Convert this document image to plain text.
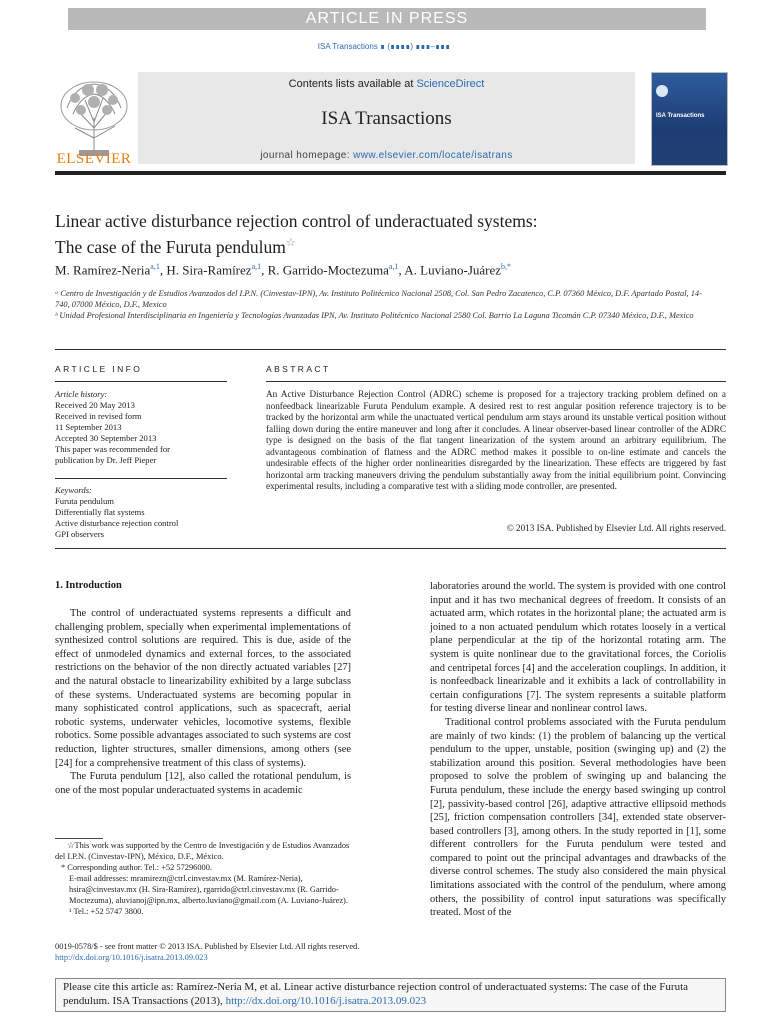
ARTICLE IN PRESS
ISA Transactions ∎ (∎∎∎∎) ∎∎∎–∎∎∎
ELSEVIER
Contents lists available at ScienceDirect
ISA Transactions
journal homepage: www.elsevier.com/locate/isatrans
ISA Transactions
Linear active disturbance rejection control of underactuated systems:
The case of the Furuta pendulum☆
M. Ramírez-Neria$^{a,1}$, H. Sira-Ramírez$^{a,1}$, R. Garrido-Moctezuma$^{a,1}$, A. Luviano-Juárez$^{b,*}$
ᵃ Centro de Investigación y de Estudios Avanzados del I.P.N. (Cinvestav-IPN), Av. Instituto Politécnico Nacional 2508, Col. San Pedro Zacatenco, C.P. 07360 México, D.F. Apartado Postal, 14-740, 07000 México, D.F., Mexico
ᵇ Unidad Profesional Interdisciplinaria en Ingeniería y Tecnologías Avanzadas IPN, Av. Instituto Politécnico Nacional 2580 Col. Barrio La Laguna Ticomán C.P. 07340 México, D.F., Mexico
ARTICLE INFO	ABSTRACT
Article history:
Received 20 May 2013
Received in revised form
11 September 2013
Accepted 30 September 2013
This paper was recommended for
publication by Dr. Jeff Pieper
Keywords:
Furuta pendulum
Differentially flat systems
Active disturbance rejection control
GPI observers
An Active Disturbance Rejection Control (ADRC) scheme is proposed for a trajectory tracking problem defined on a nonfeedback linearizable Furuta Pendulum example. A desired rest to rest angular position reference trajectory is to be tracked by the horizontal arm while the unactuated vertical pendulum arm stays around its unstable vertical position without falling down during the entire maneuver and long after it concludes. A linear observer-based linear controller of the ADRC type is designed on the basis of the flat tangent linearization of the system around an arbitrary equilibrium. The advantageous combination of flatness and the ADRC method makes it possible to on-line estimate and cancels the undesirable effects of the higher order nonlinearities disregarded by the linearization. These effects are triggered by fast horizontal arm tracking maneuvers driving the pendulum substantially away from the initial equilibrium point. Convincing experimental results, including a comparative test with a sliding mode controller, are presented.
© 2013 ISA. Published by Elsevier Ltd. All rights reserved.
1. Introduction

The control of underactuated systems represents a difficult and challenging problem, specially when experimental implementations of synthesized control solutions are required. This is due, aside of the effect of unmodeled dynamics and external forces, to the associated restrictions on the behavior of the non directly actuated variables [27] and the natural obstacle to linearizability exhibited by a large subclass of these systems. Underactuated systems are becoming popular in many sophisticated control applications, such as spacecraft, aerial robotic systems, underwater vehicles, locomotive systems, flexible robotics. Some possible advantages associated to such systems are cost reduction, lighter structures, smaller dimensions, among others (see [24] for a comprehensive treatment of this class of systems).

The Furuta pendulum [12], also called the rotational pendulum, is one of the most popular underactuated systems in academic

laboratories around the world. The system is provided with one control input and it has two mechanical degrees of freedom. It consists of an actuated arm, which rotates in the horizontal plane; the actuated arm is joined to a non actuated pendulum which rotates loosely in a vertical plane perpendicular at the tip of the horizontal rotating arm. The system is quite nonlinear due to the gravitational forces, the Coriolis and centripetal forces [4] and the acceleration couplings. In addition, it is nonfeedback linearizable and it exhibits a lack of controllability in certain configurations [7]. The system represents a suitable platform for testing diverse linear and nonlinear control laws.

Traditional control problems associated with the Furuta pendulum are mainly of two kinds: (1) the problem of balancing up the vertical pendulum to the upper, unstable, position (swinging up) and (2) the stabilization around this position. Several methodologies have been proposed to solve the problem of swinging up and balancing the Furuta pendulum, these include the energy based swinging up control [2], passivity-based control [26], adaptive attractive ellipsoid methods [25], friction compensation controllers [34], extended state observer-based controllers [3], among others. In the study reported in [1], some different controllers for the Furuta pendulum were tested and compared to point out the principal advantages and drawbacks of the diverse control schemes. The study also considered the main physical limitations associated with the control of the pendulum, where among others, the possibility of control input saturations was specifically treated. Most of the

☆This work was supported by the Centro de Investigación y de Estudios Avanzados del I.P.N. (Cinvestav-IPN), México, D.F., México.

* Corresponding author. Tel.: +52 57296000.

E-mail addresses: mramirezn@ctrl.cinvestav.mx (M. Ramírez-Neria), hsira@cinvestav.mx (H. Sira-Ramírez), rgarrido@ctrl.cinvestav.mx (R. Garrido-Moctezuma), aluvianoj@ipn.mx, alberto.luviano@gmail.com (A. Luviano-Juárez).

¹ Tel.: +52 5747 3800.

0019-0578/$ - see front matter © 2013 ISA. Published by Elsevier Ltd. All rights reserved.
http://dx.doi.org/10.1016/j.isatra.2013.09.023
Please cite this article as: Ramírez-Neria M, et al. Linear active disturbance rejection control of underactuated systems: The case of the Furuta pendulum. ISA Transactions (2013), http://dx.doi.org/10.1016/j.isatra.2013.09.023
